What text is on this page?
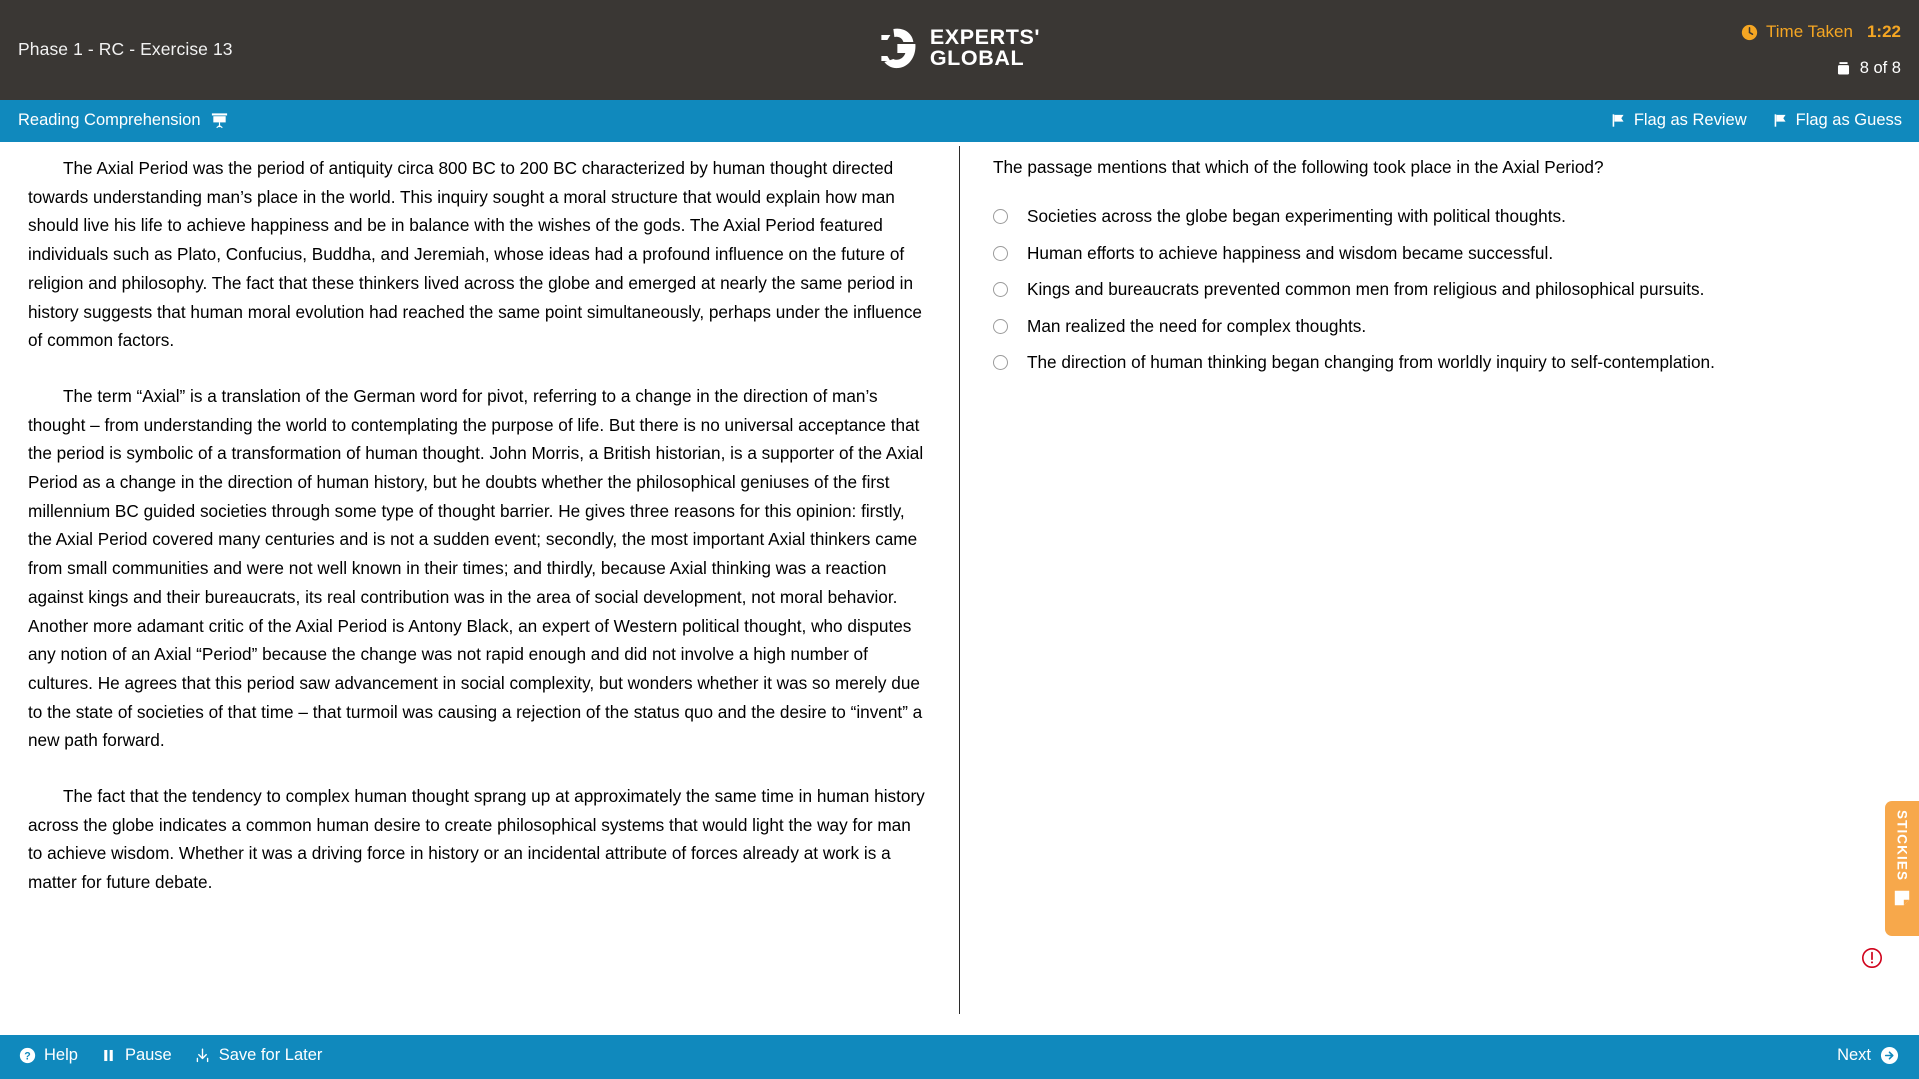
Phase 1 - RC - Exercise 13	EXPERTS'
GLOBAL
Time Taken 1:22
8 of 8
Reading Comprehension	Flag as Review	Flag as Guess

The Axial Period was the period of antiquity circa 800 BC to 200 BC characterized by human thought directed towards understanding man’s place in the world. This inquiry sought a moral structure that would explain how man should live his life to achieve happiness and be in balance with the wishes of the gods. The Axial Period featured individuals such as Plato, Confucius, Buddha, and Jeremiah, whose ideas had a profound influence on the future of religion and philosophy. The fact that these thinkers lived across the globe and emerged at nearly the same period in history suggests that human moral evolution had reached the same point simultaneously, perhaps under the influence of common factors.

The term “Axial” is a translation of the German word for pivot, referring to a change in the direction of man’s thought – from understanding the world to contemplating the purpose of life. But there is no universal acceptance that the period is symbolic of a transformation of human thought. John Morris, a British historian, is a supporter of the Axial Period as a change in the direction of human history, but he doubts whether the philosophical geniuses of the first millennium BC guided societies through some type of thought barrier. He gives three reasons for this opinion: firstly, the Axial Period covered many centuries and is not a sudden event; secondly, the most important Axial thinkers came from small communities and were not well known in their times; and thirdly, because Axial thinking was a reaction against kings and their bureaucrats, its real contribution was in the area of social development, not moral behavior. Another more adamant critic of the Axial Period is Antony Black, an expert of Western political thought, who disputes any notion of an Axial “Period” because the change was not rapid enough and did not involve a high number of cultures. He agrees that this period saw advancement in social complexity, but wonders whether it was so merely due to the state of societies of that time – that turmoil was causing a rejection of the status quo and the desire to “invent” a new path forward.

The fact that the tendency to complex human thought sprang up at approximately the same time in human history across the globe indicates a common human desire to create philosophical systems that would light the way for man to achieve wisdom. Whether it was a driving force in history or an incidental attribute of forces already at work is a matter for future debate.

The passage mentions that which of the following took place in the Axial Period?
Societies across the globe began experimenting with political thoughts.
Human efforts to achieve happiness and wisdom became successful.
Kings and bureaucrats prevented common men from religious and philosophical pursuits.
Man realized the need for complex thoughts.
The direction of human thinking began changing from worldly inquiry to self-contemplation.
STICKIES
? Help	Pause	Save for Later	Next
